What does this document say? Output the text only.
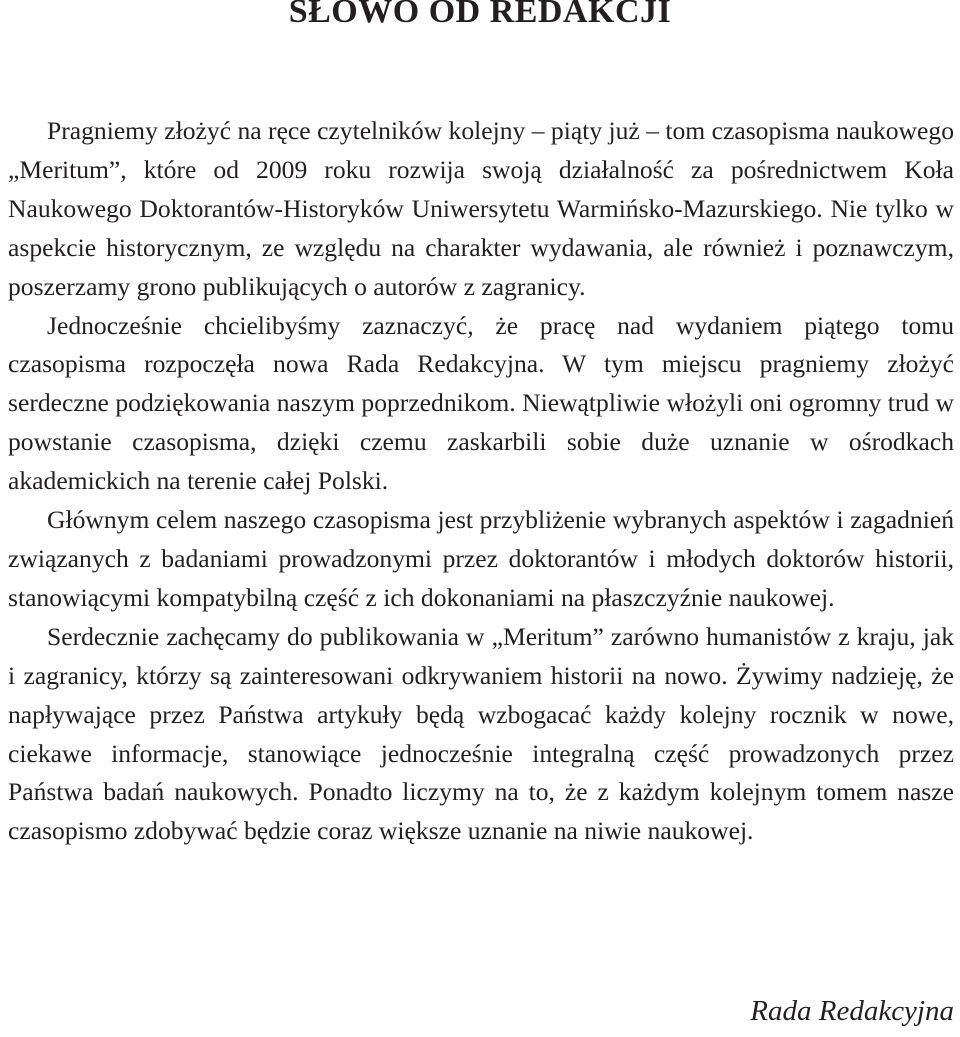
SŁOWO OD REDAKCJI

Pragniemy złożyć na ręce czytelników kolejny – piąty już – tom czasopisma naukowego „Meritum”, które od 2009 roku rozwija swoją działalność za pośrednictwem Koła Naukowego Doktorantów-Historyków Uniwersytetu Warmińsko-Mazurskiego. Nie tylko w aspekcie historycznym, ze względu na charakter wydawania, ale również i poznawczym, poszerzamy grono publikujących o autorów z zagranicy.

Jednocześnie chcielibyśmy zaznaczyć, że pracę nad wydaniem piątego tomu czasopisma rozpoczęła nowa Rada Redakcyjna. W tym miejscu pragniemy złożyć serdeczne podziękowania naszym poprzednikom. Niewątpliwie włożyli oni ogromny trud w powstanie czasopisma, dzięki czemu zaskarbili sobie duże uznanie w ośrodkach akademickich na terenie całej Polski.

Głównym celem naszego czasopisma jest przybliżenie wybranych aspektów i zagadnień związanych z badaniami prowadzonymi przez doktorantów i młodych doktorów historii, stanowiącymi kompatybilną część z ich dokonaniami na płaszczyźnie naukowej.

Serdecznie zachęcamy do publikowania w „Meritum” zarówno humanistów z kraju, jak i zagranicy, którzy są zainteresowani odkrywaniem historii na nowo. Żywimy nadzieję, że napływające przez Państwa artykuły będą wzbogacać każdy kolejny rocznik w nowe, ciekawe informacje, stanowiące jednocześnie integralną część prowadzonych przez Państwa badań naukowych. Ponadto liczymy na to, że z każdym kolejnym tomem nasze czasopismo zdobywać będzie coraz większe uznanie na niwie naukowej.

Rada Redakcyjna
